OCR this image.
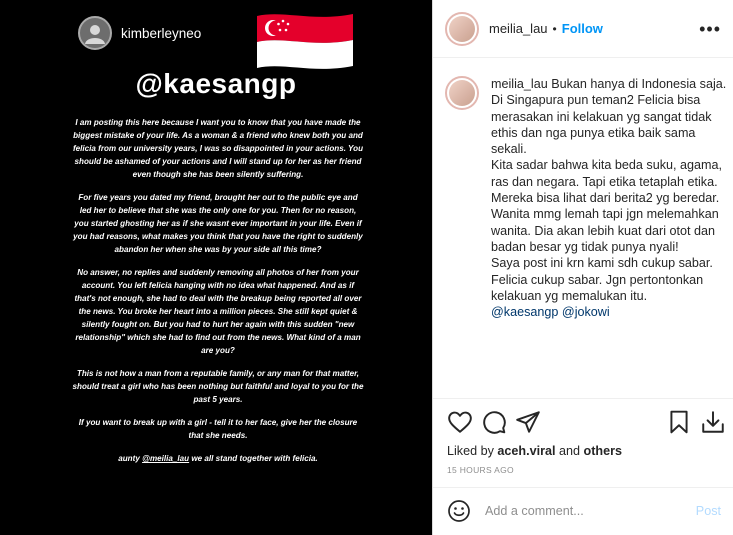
kimberleyneo
@kaesangp

I am posting this here because I want you to know that you have made the biggest mistake of your life. As a woman & a friend who knew both you and felicia from our university years, I was so disappointed in your actions. You should be ashamed of your actions and I will stand up for her as her friend even though she has been silently suffering.

For five years you dated my friend, brought her out to the public eye and led her to believe that she was the only one for you. Then for no reason, you started ghosting her as if she wasnt ever important in your life. Even if you had reasons, what makes you think that you have the right to suddenly abandon her when she was by your side all this time?

No answer, no replies and suddenly removing all photos of her from your account. You left felicia hanging with no idea what happened. And as if that's not enough, she had to deal with the breakup being reported all over the news. You broke her heart into a million pieces. She still kept quiet & silently fought on. But you had to hurt her again with this sudden "new relationship" which she had to find out from the news. What kind of a man are you?

This is not how a man from a reputable family, or any man for that matter, should treat a girl who has been nothing but faithful and loyal to you for the past 5 years.

If you want to break up with a girl - tell it to her face, give her the closure that she needs.

aunty @meilia_lau we all stand together with felicia.

meilia_lau • Follow	•••
meilia_lau Bukan hanya di Indonesia saja. Di Singapura pun teman2 Felicia bisa merasakan ini kelakuan yg sangat tidak ethis dan nga punya etika baik sama sekali.
Kita sadar bahwa kita beda suku, agama, ras dan negara. Tapi etika tetaplah etika.
Mereka bisa lihat dari berita2 yg beredar.
Wanita mmg lemah tapi jgn melemahkan wanita. Dia akan lebih kuat dari otot dan badan besar yg tidak punya nyali!
Saya post ini krn kami sdh cukup sabar. Felicia cukup sabar. Jgn pertontonkan kelakuan yg memalukan itu.
@kaesangp @jokowi
Liked by aceh.viral and others
15 HOURS AGO
Add a comment...
Post
